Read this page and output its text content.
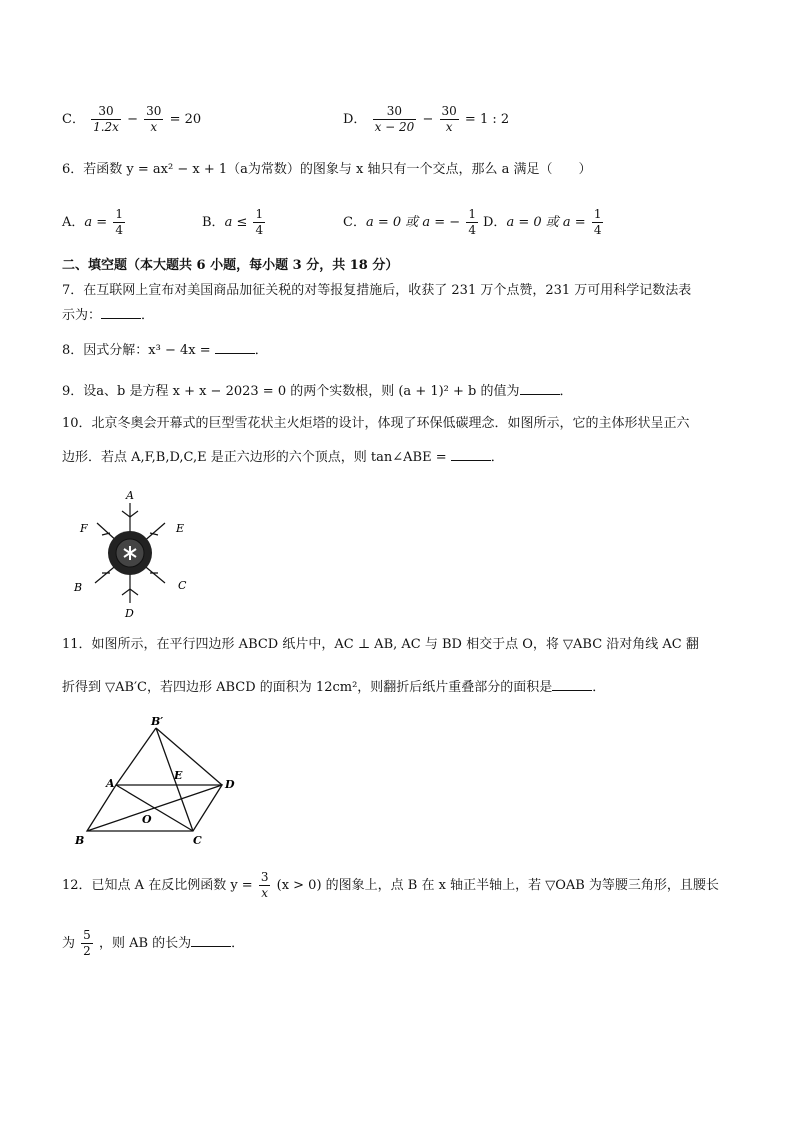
C． $\frac{30}{1.2x} - \frac{30}{x} = 20$	D． $\frac{30}{x - 20} - \frac{30}{x} = 1$ : 2
6．若函数 y = ax² − x + 1（a为常数）的图象与 x 轴只有一个交点，那么 a 满足（　　）
A．$a = \frac{1}{4}$	B．$a \le \frac{1}{4}$	C．a = 0 或 a = − $\frac{1}{4}$ D．a = 0 或 $a = \frac{1}{4}$
二、填空题（本大题共 6 小题，每小题 3 分，共 18 分）
7．在互联网上宣布对美国商品加征关税的对等报复措施后，收获了 231 万个点赞，231 万可用科学记数法表
示为：	．
8．因式分解：x³ − 4x =	．
9．设a、b 是方程 x + x − 2023 = 0 的两个实数根，则 (a + 1)² + b 的值为	．
10．北京冬奥会开幕式的巨型雪花状主火炬塔的设计，体现了环保低碳理念．如图所示，它的主体形状呈正六
边形．若点 A,F,B,D,C,E 是正六边形的六个顶点，则 tan∠ABE =	．
A
F	E
B	C
D
11．如图所示，在平行四边形 ABCD 纸片中，AC ⊥ AB, AC 与 BD 相交于点 O，将 ▽ABC 沿对角线 AC 翻
折得到 ▽AB′C，若四边形 ABCD 的面积为 12cm²，则翻折后纸片重叠部分的面积是	．
B′
A
E
D
O
B	C
12．已知点 A 在反比例函数 $y = \frac{3}{x} (x > 0)$ 的图象上，点 B 在 x 轴正半轴上，若 ▽OAB 为等腰三角形，且腰长
为 $\frac{5}{2}$ ，则 AB 的长为	．
